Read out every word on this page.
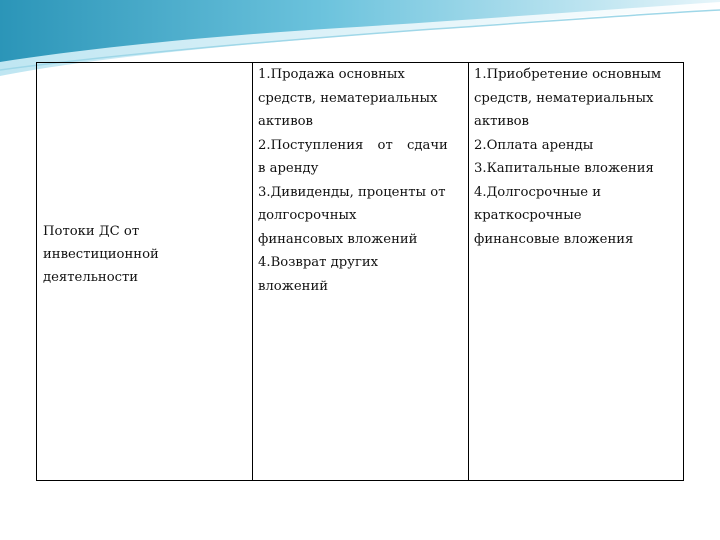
Потоки ДС от
инвестиционной
деятельности
1.Продажа основных
средств, нематериальных
активов
2.Поступления от сдачи
в аренду
3.Дивиденды, проценты от
долгосрочных
финансовых вложений
4.Возврат других
вложений
1.Приобретение основным
средств, нематериальных
активов
2.Оплата аренды
3.Капитальные вложения
4.Долгосрочные и
краткосрочные
финансовые вложения
